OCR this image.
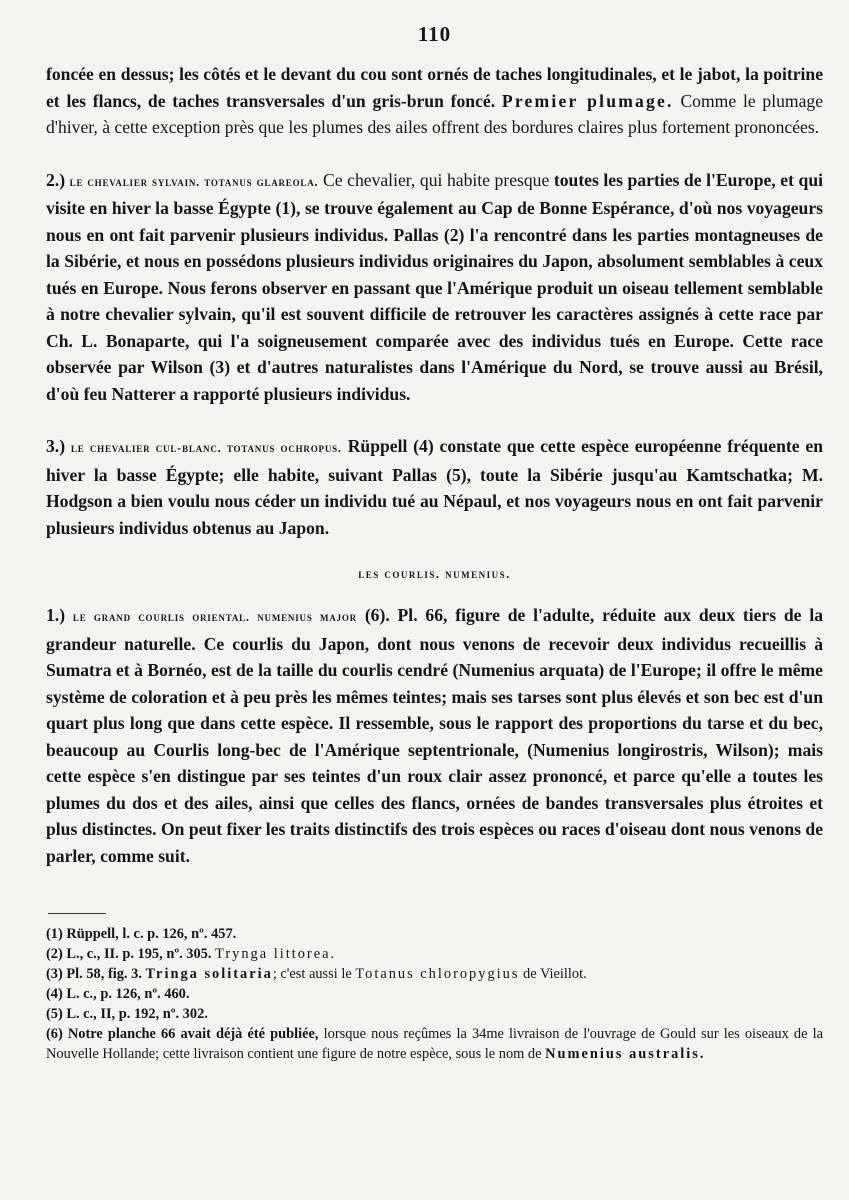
110

foncée en dessus; les côtés et le devant du cou sont ornés de taches longitudinales, et le jabot, la poitrine et les flancs, de taches transversales d'un gris-brun foncé. Premier plumage. Comme le plumage d'hiver, à cette exception près que les plumes des ailes offrent des bordures claires plus fortement prononcées.

2.) le chevalier sylvain. totanus glareola. Ce chevalier, qui habite presque toutes les parties de l'Europe, et qui visite en hiver la basse Égypte (1), se trouve également au Cap de Bonne Espérance, d'où nos voyageurs nous en ont fait parvenir plusieurs individus. Pallas (2) l'a rencontré dans les parties montagneuses de la Sibérie, et nous en possédons plusieurs individus originaires du Japon, absolument semblables à ceux tués en Europe. Nous ferons observer en passant que l'Amérique produit un oiseau tellement semblable à notre chevalier sylvain, qu'il est souvent difficile de retrouver les caractères assignés à cette race par Ch. L. Bonaparte, qui l'a soigneusement comparée avec des individus tués en Europe. Cette race observée par Wilson (3) et d'autres naturalistes dans l'Amérique du Nord, se trouve aussi au Brésil, d'où feu Natterer a rapporté plusieurs individus.

3.) le chevalier cul-blanc. totanus ochropus. Rüppell (4) constate que cette espèce européenne fréquente en hiver la basse Égypte; elle habite, suivant Pallas (5), toute la Sibérie jusqu'au Kamtschatka; M. Hodgson a bien voulu nous céder un individu tué au Népaul, et nos voyageurs nous en ont fait parvenir plusieurs individus obtenus au Japon.

les courlis. numenius.

1.) le grand courlis oriental. numenius major (6). Pl. 66, figure de l'adulte, réduite aux deux tiers de la grandeur naturelle. Ce courlis du Japon, dont nous venons de recevoir deux individus recueillis à Sumatra et à Bornéo, est de la taille du courlis cendré (Numenius arquata) de l'Europe; il offre le même système de coloration et à peu près les mêmes teintes; mais ses tarses sont plus élevés et son bec est d'un quart plus long que dans cette espèce. Il ressemble, sous le rapport des proportions du tarse et du bec, beaucoup au Courlis long-bec de l'Amérique septentrionale, (Numenius longirostris, Wilson); mais cette espèce s'en distingue par ses teintes d'un roux clair assez prononcé, et parce qu'elle a toutes les plumes du dos et des ailes, ainsi que celles des flancs, ornées de bandes transversales plus étroites et plus distinctes. On peut fixer les traits distinctifs des trois espèces ou races d'oiseau dont nous venons de parler, comme suit.

(1) Rüppell, l. c. p. 126, nº. 457.

(2) L., c., II. p. 195, nº. 305. Trynga littorea.

(3) Pl. 58, fig. 3. Tringa solitaria; c'est aussi le Totanus chloropygius de Vieillot.

(4) L. c., p. 126, nº. 460.

(5) L. c., II, p. 192, nº. 302.

(6) Notre planche 66 avait déjà été publiée, lorsque nous reçûmes la 34me livraison de l'ouvrage de Gould sur les oiseaux de la Nouvelle Hollande; cette livraison contient une figure de notre espèce, sous le nom de Numenius australis.
